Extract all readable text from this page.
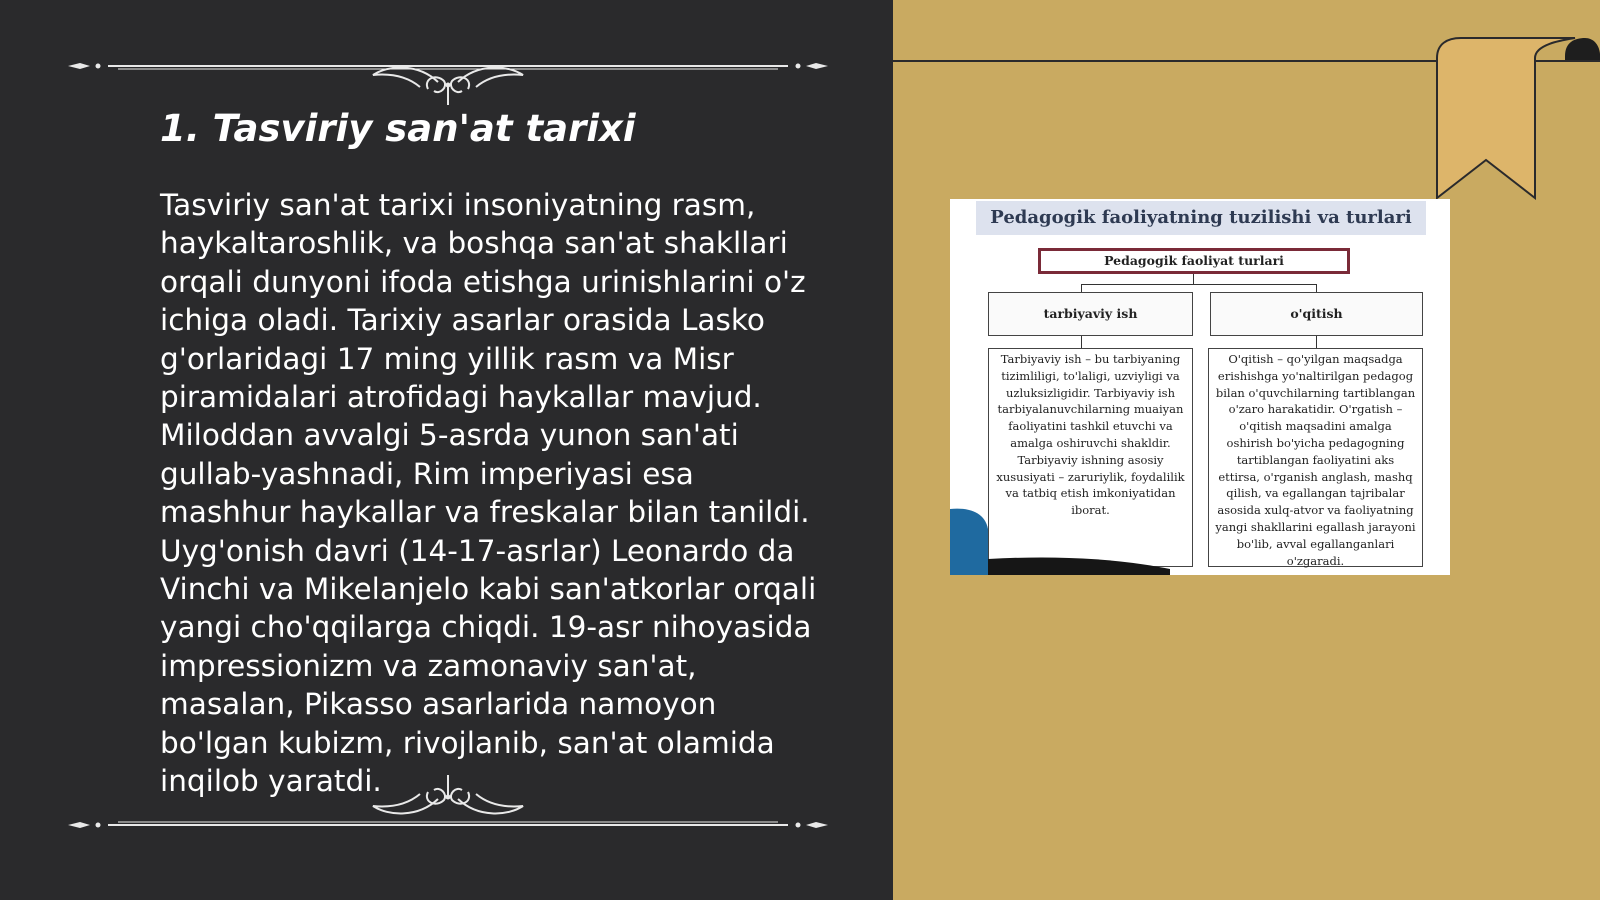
1. Tasviriy san'at tarixi

Tasviriy san'at tarixi insoniyatning rasm, haykaltaroshlik, va boshqa san'at shakllari orqali dunyoni ifoda etishga urinishlarini o'z ichiga oladi. Tarixiy asarlar orasida Lasko g'orlaridagi 17 ming yillik rasm va Misr piramidalari atrofidagi haykallar mavjud. Miloddan avvalgi 5-asrda yunon san'ati gullab-yashnadi, Rim imperiyasi esa mashhur haykallar va freskalar bilan tanildi. Uyg'onish davri (14-17-asrlar) Leonardo da Vinchi va Mikelanjelo kabi san'atkorlar orqali yangi cho'qqilarga chiqdi. 19-asr nihoyasida impressionizm va zamonaviy san'at, masalan, Pikasso asarlarida namoyon bo'lgan kubizm, rivojlanib, san'at olamida inqilob yaratdi.

Pedagogik faoliyatning tuzilishi va turlari
Pedagogik faoliyat turlari
tarbiyaviy ish	o'qitish
Tarbiyaviy ish – bu tarbiyaning tizimliligi, to'laligi, uzviyligi va uzluksizligidir. Tarbiyaviy ish tarbiyalanuvchilarning muaiyan faoliyatini tashkil etuvchi va amalga oshiruvchi shakldir. Tarbiyaviy ishning asosiy xususiyati – zaruriylik, foydalilik va tatbiq etish imkoniyatidan iborat.
O'qitish – qo'yilgan maqsadga erishishga yo'naltirilgan pedagog bilan o'quvchilarning tartiblangan o'zaro harakatidir. O'rgatish – o'qitish maqsadini amalga oshirish bo'yicha pedagogning tartiblangan faoliyatini aks ettirsa, o'rganish anglash, mashq qilish, va egallangan tajribalar asosida xulq-atvor va faoliyatning yangi shakllarini egallash jarayoni bo'lib, avval egallanganlari o'zgaradi.
